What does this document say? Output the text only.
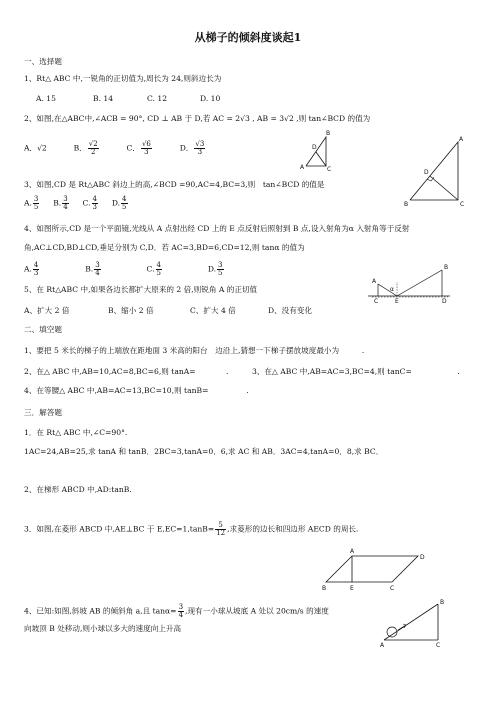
从梯子的倾斜度谈起1
一、选择题
1、Rt△ ABC 中,一锐角的正切值为,周长为 24,则斜边长为
A. 15	B. 14	C. 12	D. 10
2、如图,在△ABC中,∠ACB = 90°, CD ⊥ AB 于 D,若 AC = 2√3 , AB = 3√2 ,则 tan∠BCD 的值为
A．√2	B． $\frac{√2}{2}$	C． $\frac{√6}{3}$	D． $\frac{√3}{3}$
B
D
A	C
A
D
B	C
3、如图,CD 是 Rt△ABC 斜边上的高,∠BCD =90,AC=4,BC=3,则　tan∠BCD 的值是
A. $\frac{3}{5} B$. $\frac{3}{4} C$. $\frac{4}{3} D$. $\frac{4}{5}$
4、如图所示,CD 是一个平面镜,光线从 A 点射出经 CD 上的 E 点反射后照射到 B 点,设入射角为α 入射角等于反射
角,AC⊥CD,BD⊥CD,垂足分别为 C,D．若 AC=3,BD=6,CD=12,则 tanα 的值为
A. $\frac{4}{3}$	B. $\frac{3}{4}$	C. $\frac{4}{5}$	D. $\frac{3}{5}$
A
α
B
C	E	D
5、在 Rt△ABC 中,如果各边长都扩大原来的 2 倍,则锐角 A 的正切值
A、扩大 2 倍	B、缩小 2 倍	C、扩大 4 倍	D、没有变化
二、填空题
1、要把 5 米长的梯子的上端放在距地面 3 米高的阳台　边沿上,猜想一下梯子摆放坡度最小为　　　.
2、在△ ABC 中,AB=10,AC=8,BC=6,则 tanA=　　　　.	3、在△ ABC 中,AB=AC=3,BC=4,则 tanC=　　　　　　.
4、在等腰△ ABC 中,AB=AC=13,BC=10,则 tanB=　　　　　.
三．解答题
1．在 Rt△ ABC 中,∠C=90°.
1AC=24,AB=25,求 tanA 和 tanB．2BC=3,tanA=0．6,求 AC 和 AB．3AC=4,tanA=0．8,求 BC．
2、在梯形 ABCD 中,AD:tanB.
3．如图,在菱形 ABCD 中,AE⊥BC 于 $E,EC=1,\tan B= \frac{5}{12}$ ,求菱形的边长和四边形 AECD 的周长.
A
D
B	E	C
4、已知:如图,斜坡 AB 的倾斜角 a,且 $\tan\alpha= \frac{3}{4}$ ,现有一小球从坡底 A 处以 20cm/s 的速度
向坡顶 B 处移动,则小球以多大的速度向上升高
B
A	C
